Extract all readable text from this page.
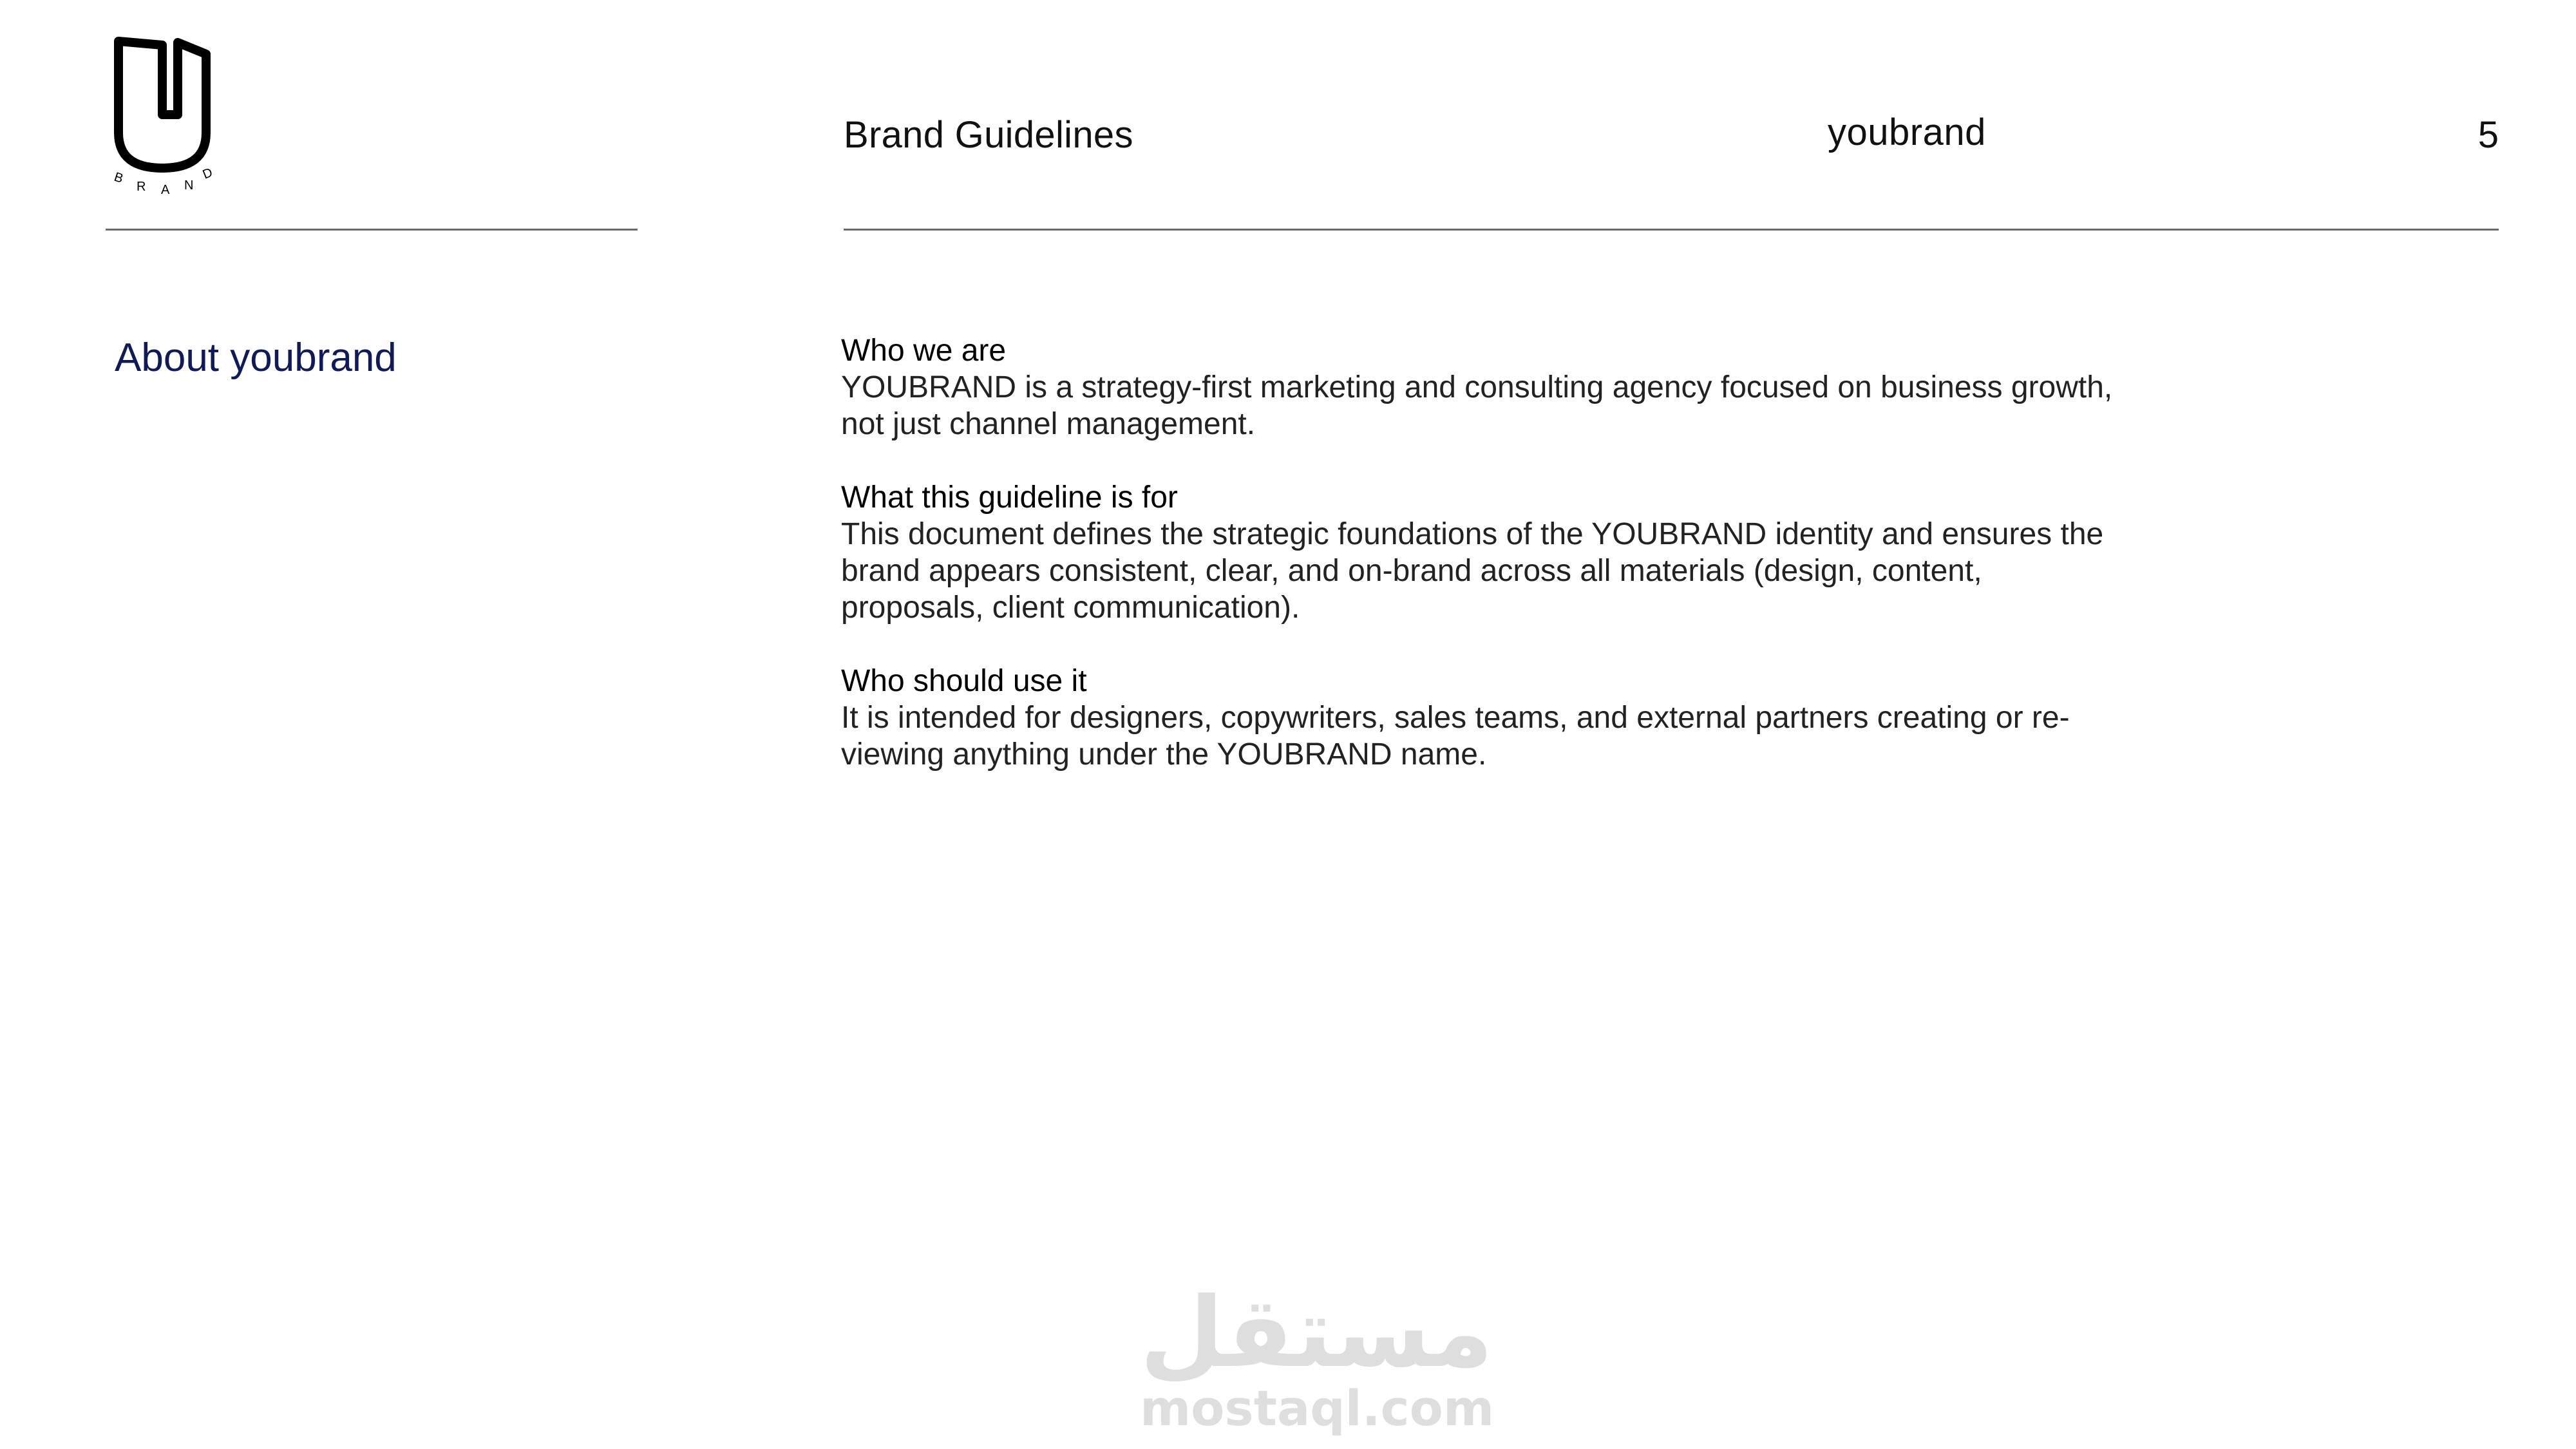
B
R A N
D
Brand Guidelines	youbrand	5
About youbrand	Who we are

YOUBRAND is a strategy-first marketing and consulting agency focused on business growth, not just channel management.

What this guideline is for

This document defines the strategic foundations of the YOUBRAND identity and ensures the brand appears consistent, clear, and on-brand across all materials (design, content, proposals, client communication).

Who should use it

It is intended for designers, copywriters, sales teams, and external partners creating or re-viewing anything under the YOUBRAND name.

مستقل
mostaql.com
